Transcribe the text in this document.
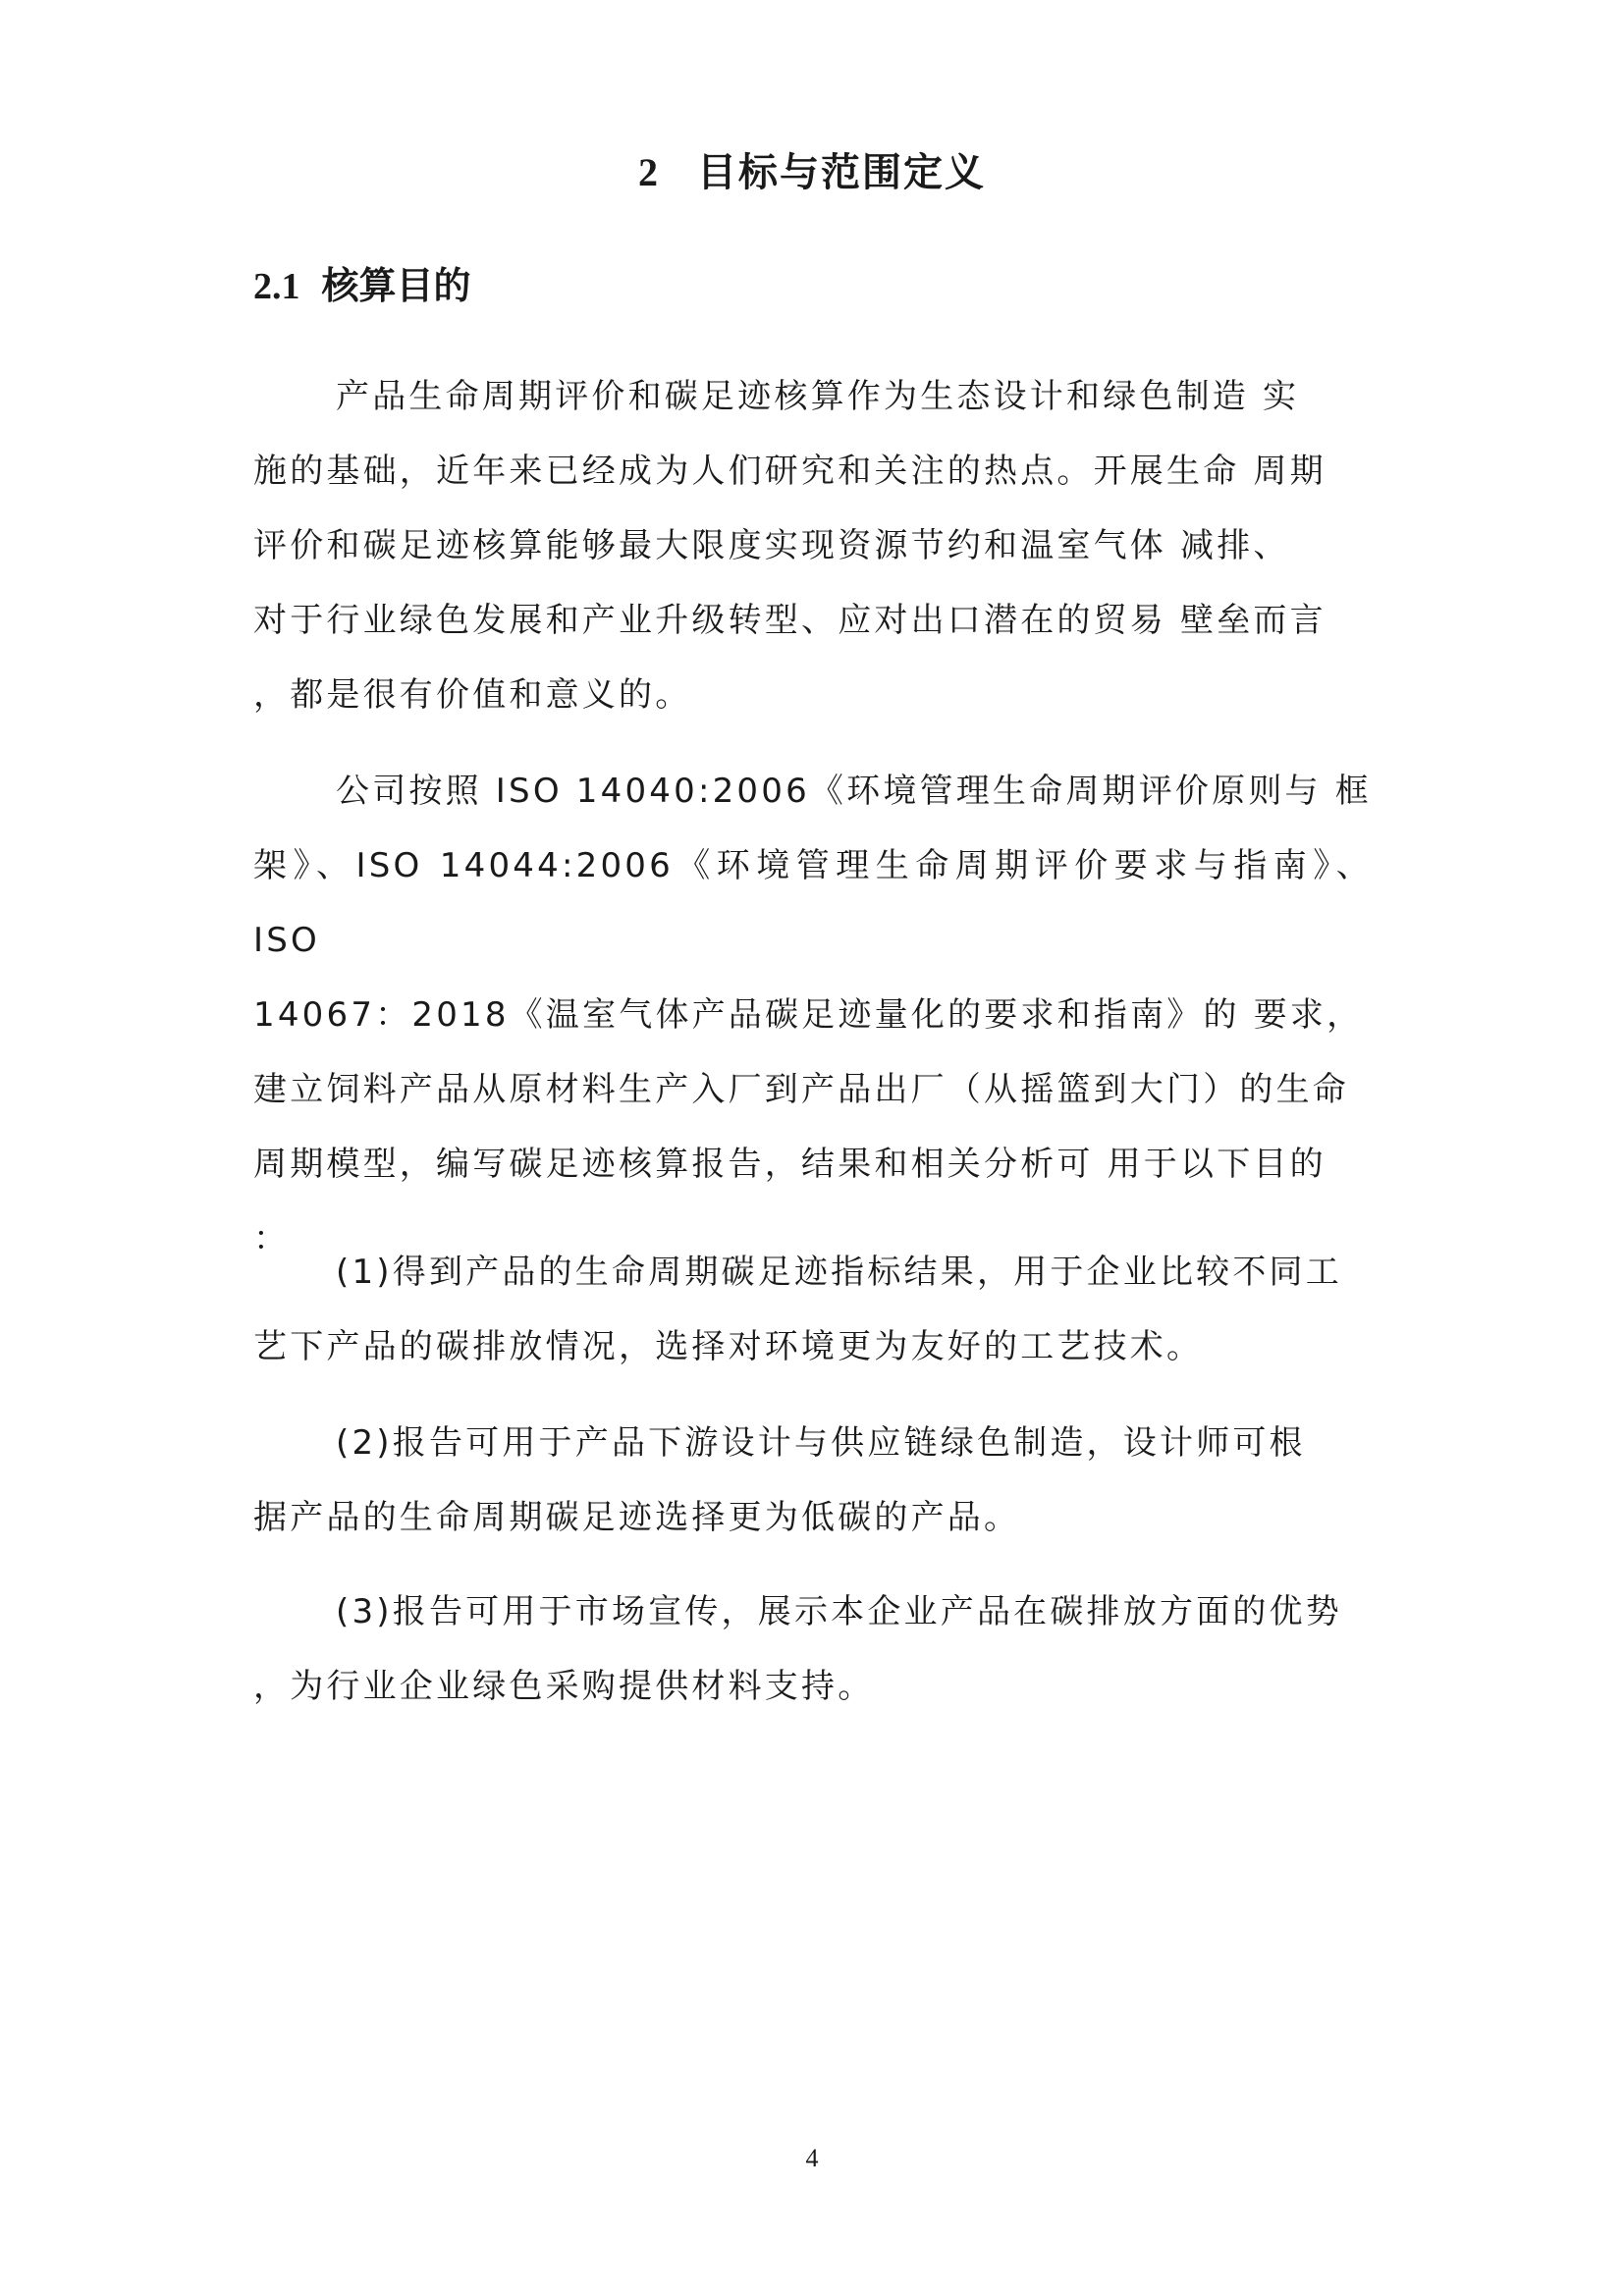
2 目标与范围定义
2.1 核算目的

产品生命周期评价和碳足迹核算作为生态设计和绿色制造 实
施的基础，近年来已经成为人们研究和关注的热点。开展生命 周期
评价和碳足迹核算能够最大限度实现资源节约和温室气体 减排、
对于行业绿色发展和产业升级转型、应对出口潜在的贸易 壁垒而言
，都是很有价值和意义的。

公司按照 ISO 14040:2006《环境管理生命周期评价原则与 框
架》、ISO 14044:2006《环境管理生命周期评价要求与指南》、 ISO
14067：2018《温室气体产品碳足迹量化的要求和指南》的 要求，
建立饲料产品从原材料生产入厂到产品出厂（从摇篮到大门）的生命
周期模型，编写碳足迹核算报告，结果和相关分析可 用于以下目的
：

(1)得到产品的生命周期碳足迹指标结果，用于企业比较不同工
艺下产品的碳排放情况，选择对环境更为友好的工艺技术。

(2)报告可用于产品下游设计与供应链绿色制造，设计师可根
据产品的生命周期碳足迹选择更为低碳的产品。

(3)报告可用于市场宣传，展示本企业产品在碳排放方面的优势
，为行业企业绿色采购提供材料支持。

4
